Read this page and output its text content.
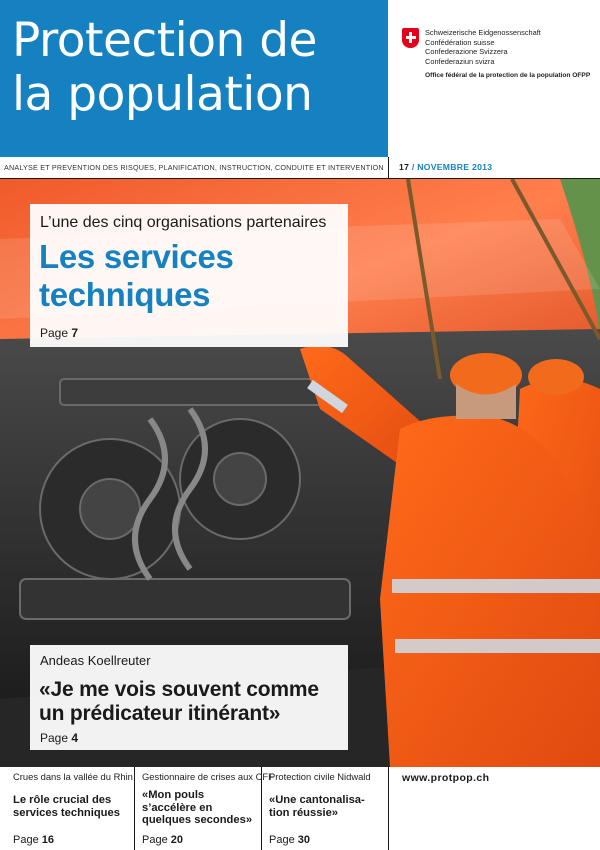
Protection de
la population
Schweizerische Eidgenossenschaft
Confédération suisse
Confederazione Svizzera
Confederaziun svizra
Office fédéral de la protection de la population OFPP
ANALYSE ET PREVENTION DES RISQUES, PLANIFICATION, INSTRUCTION, CONDUITE ET INTERVENTION 17 / NOVEMBRE 2013
L’une des cinq organisations partenaires
Les services
techniques
Page 7
Andeas Koellreuter
«Je me vois souvent comme
un prédicateur itinérant»
Page 4
Crues dans la vallée du Rhin
Le rôle crucial des
services techniques
Page 16
Gestionnaire de crises aux CFF
«Mon pouls
s’accélère en
quelques secondes»
Page 20
Protection civile Nidwald
«Une cantonalisa-
tion réussie»
Page 30
www.protpop.ch
